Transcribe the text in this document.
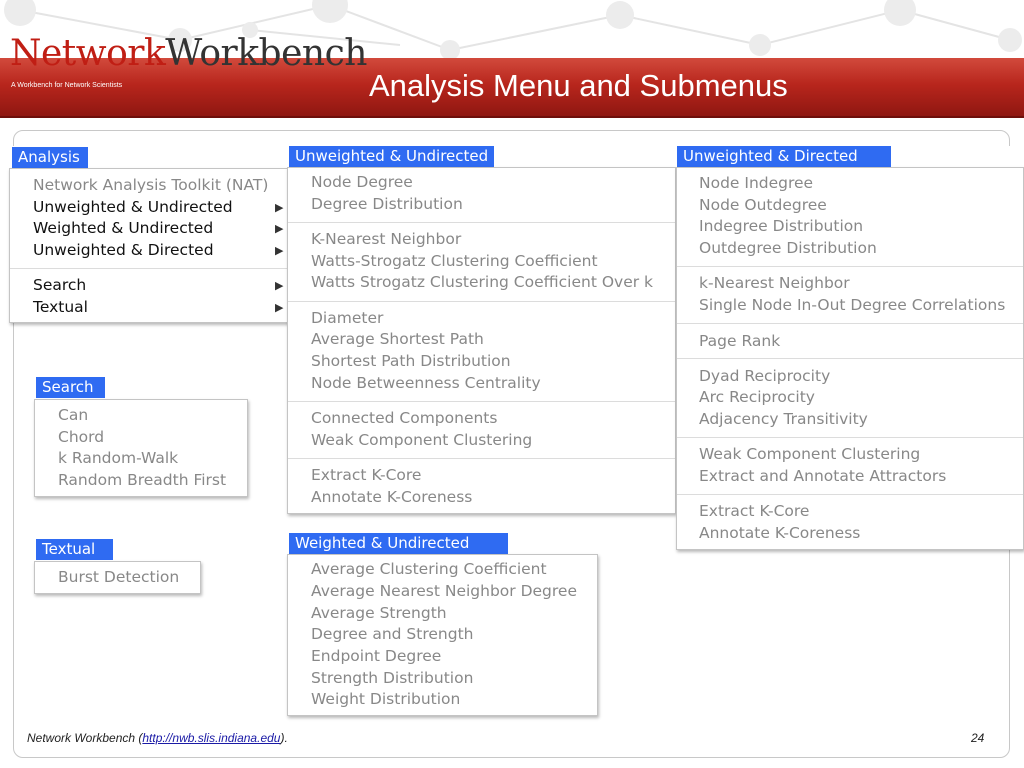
NetworkWorkbench
A Workbench for Network Scientists	Analysis Menu and Submenus
Analysis
Network Analysis Toolkit (NAT)
Unweighted & Undirected	▶
Weighted & Undirected	▶
Unweighted & Directed	▶
Search	▶
Textual	▶
Search
Can
Chord
k Random-Walk
Random Breadth First
Textual
Burst Detection
Unweighted & Undirected
Node Degree
Degree Distribution
K-Nearest Neighbor
Watts-Strogatz Clustering Coefficient
Watts Strogatz Clustering Coefficient Over k
Diameter
Average Shortest Path
Shortest Path Distribution
Node Betweenness Centrality
Connected Components
Weak Component Clustering
Extract K-Core
Annotate K-Coreness
Weighted & Undirected
Average Clustering Coefficient
Average Nearest Neighbor Degree
Average Strength
Degree and Strength
Endpoint Degree
Strength Distribution
Weight Distribution
Unweighted & Directed
Node Indegree
Node Outdegree
Indegree Distribution
Outdegree Distribution
k-Nearest Neighbor
Single Node In-Out Degree Correlations
Page Rank
Dyad Reciprocity
Arc Reciprocity
Adjacency Transitivity
Weak Component Clustering
Extract and Annotate Attractors
Extract K-Core
Annotate K-Coreness
Network Workbench (http://nwb.slis.indiana.edu).	24
